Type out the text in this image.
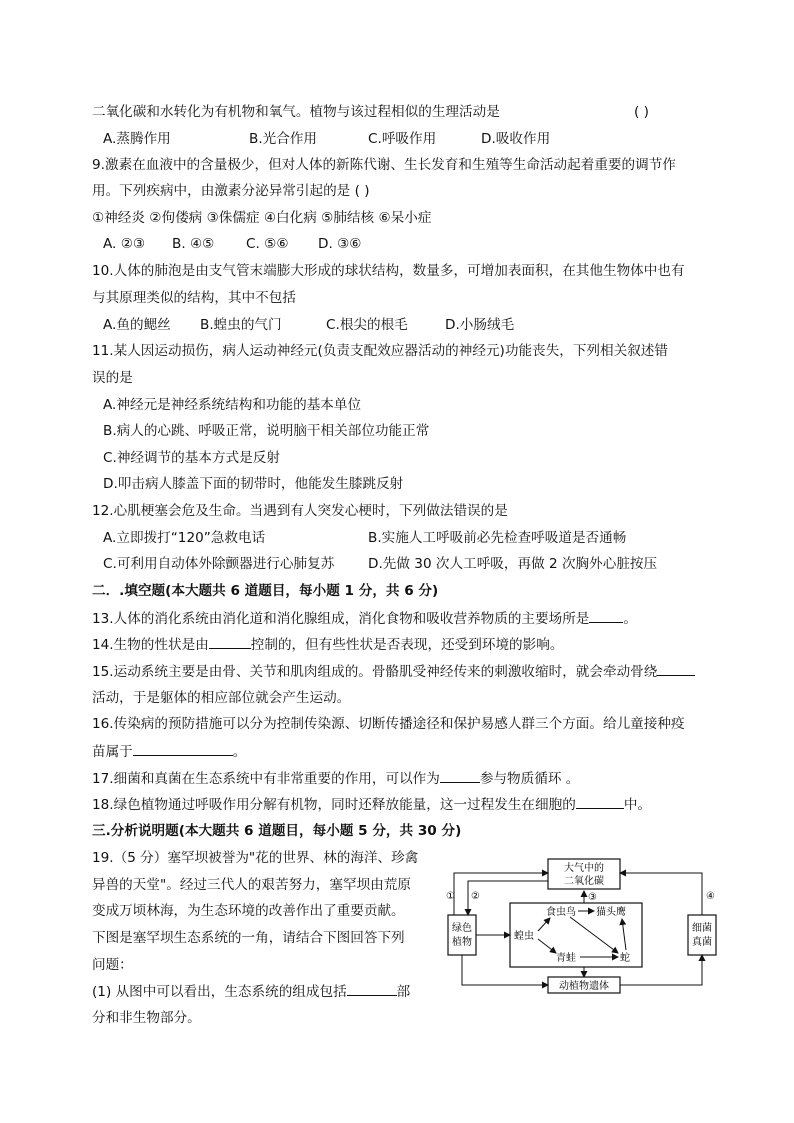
二氧化碳和水转化为有机物和氧气。植物与该过程相似的生理活动是	( )
A.蒸腾作用	B.光合作用	C.呼吸作用	D.吸收作用
9.激素在血液中的含量极少，但对人体的新陈代谢、生长发育和生殖等生命活动起着重要的调节作
用。下列疾病中，由激素分泌异常引起的是 ( )
①神经炎 ②佝偻病 ③侏儒症 ④白化病 ⑤肺结核 ⑥呆小症
A. ②③ B. ④⑤ C. ⑤⑥ D. ③⑥
10.人体的肺泡是由支气管末端膨大形成的球状结构，数量多，可增加表面积，在其他生物体中也有
与其原理类似的结构，其中不包括
A.鱼的鳃丝 B.蝗虫的气门	C.根尖的根毛	D.小肠绒毛
11.某人因运动损伤，病人运动神经元(负责支配效应器活动的神经元)功能丧失，下列相关叙述错
误的是
A.神经元是神经系统结构和功能的基本单位
B.病人的心跳、呼吸正常，说明脑干相关部位功能正常
C.神经调节的基本方式是反射
D.叩击病人膝盖下面的韧带时，他能发生膝跳反射
12.心肌梗塞会危及生命。当遇到有人突发心梗时，下列做法错误的是
A.立即拨打“120”急救电话	B.实施人工呼吸前必先检查呼吸道是否通畅
C.可利用自动体外除颤器进行心肺复苏 D.先做 30 次人工呼吸，再做 2 次胸外心脏按压
二．.填空题(本大题共 6 道题目，每小题 1 分，共 6 分)
13.人体的消化系统由消化道和消化腺组成，消化食物和吸收营养物质的主要场所是	。
14.生物的性状是由	控制的，但有些性状是否表现，还受到环境的影响。
15.运动系统主要是由骨、关节和肌肉组成的。骨骼肌受神经传来的刺激收缩时，就会牵动骨绕
活动，于是躯体的相应部位就会产生运动。
16.传染病的预防措施可以分为控制传染源、切断传播途径和保护易感人群三个方面。给儿童接种疫
苗属于	。
17.细菌和真菌在生态系统中有非常重要的作用，可以作为	参与物质循环 。
18.绿色植物通过呼吸作用分解有机物，同时还释放能量，这一过程发生在细胞的	中。
三.分析说明题(本大题共 6 道题目，每小题 5 分，共 30 分)
19.（5 分）塞罕坝被誉为"花的世界、林的海洋、珍禽
异兽的天堂"。经过三代人的艰苦努力，塞罕坝由荒原
变成万顷林海，为生态环境的改善作出了重要贡献。
下图是塞罕坝生态系统的一角，请结合下图回答下列
问题：
(1) 从图中可以看出，生态系统的组成包括	部
分和非生物部分。
大气中的
二氧化碳
绿色
植物
细菌
真菌
动植物遗体
蝗虫
食虫鸟 猫头鹰
青蛙	蛇
① ②	③	④
